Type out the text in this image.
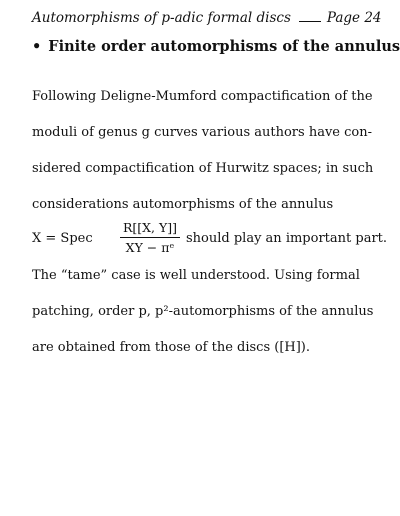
Automorphisms of p-adic formal discs	Page 24
• Finite order automorphisms of the annulus
Following Deligne-Mumford compactification of the
moduli of genus g curves various authors have con-
sidered compactification of Hurwitz spaces; in such
considerations automorphisms of the annulus
X = Spec
R[[X, Y]]
XY − πᵉ
should play an important part.
The “tame” case is well understood. Using formal
patching, order p, p²-automorphisms of the annulus
are obtained from those of the discs ([H]).
